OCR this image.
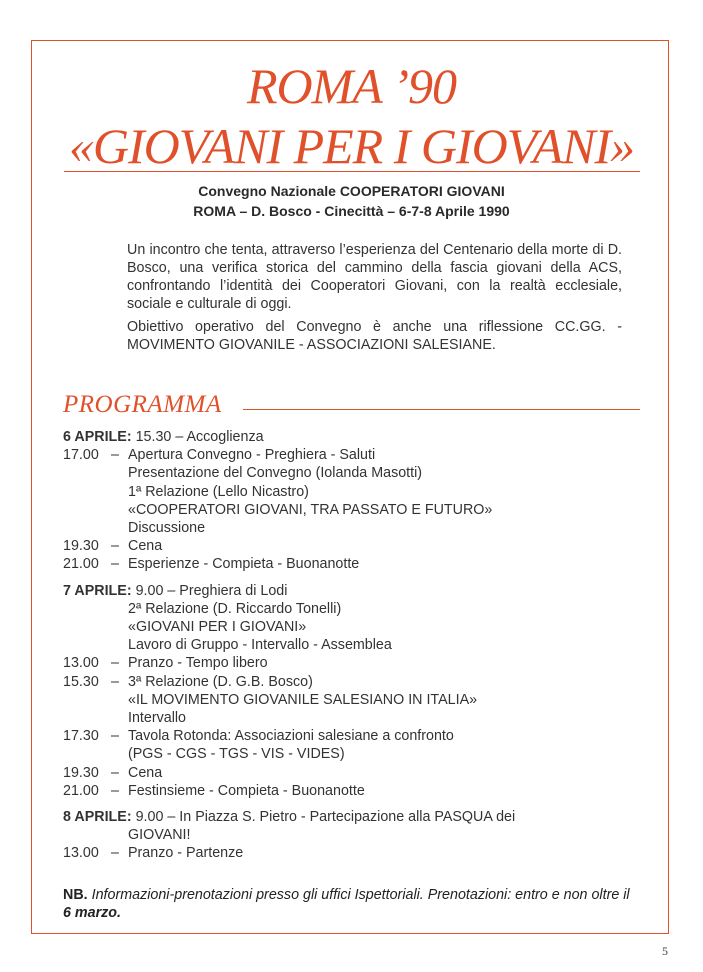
ROMA ’90
«GIOVANI PER I GIOVANI»
Convegno Nazionale COOPERATORI GIOVANI
ROMA – D. Bosco - Cinecittà – 6-7-8 Aprile 1990

Un incontro che tenta, attraverso l’esperienza del Centenario della morte di D. Bosco, una verifica storica del cammino della fascia giovani della ACS, confrontando l’identità dei Cooperatori Giovani, con la realtà ecclesiale, sociale e culturale di oggi.

Obiettivo operativo del Convegno è anche una riflessione CC.GG. - MOVIMENTO GIOVANILE - ASSOCIAZIONI SALESIANE.

PROGRAMMA
6 APRILE:
15.30 – Accoglienza
17.00 – Apertura Convegno - Preghiera - Saluti
Presentazione del Convegno (Iolanda Masotti)
1ª Relazione (Lello Nicastro)
«COOPERATORI GIOVANI, TRA PASSATO E FUTURO»
Discussione
19.30 – Cena
21.00 – Esperienze - Compieta - Buonanotte
7 APRILE:
9.00 – Preghiera di Lodi
2ª Relazione (D. Riccardo Tonelli)
«GIOVANI PER I GIOVANI»
Lavoro di Gruppo - Intervallo - Assemblea
13.00 – Pranzo - Tempo libero
15.30 – 3ª Relazione (D. G.B. Bosco)
«IL MOVIMENTO GIOVANILE SALESIANO IN ITALIA»
Intervallo
17.30 – Tavola Rotonda: Associazioni salesiane a confronto
(PGS - CGS - TGS - VIS - VIDES)
19.30 – Cena
21.00 – Festinsieme - Compieta - Buonanotte
8 APRILE:
9.00 – In Piazza S. Pietro - Partecipazione alla PASQUA dei
GIOVANI!
13.00 – Pranzo - Partenze
NB. Informazioni-prenotazioni presso gli uffici Ispettoriali. Prenotazioni: entro e non oltre il 6 marzo.
5
